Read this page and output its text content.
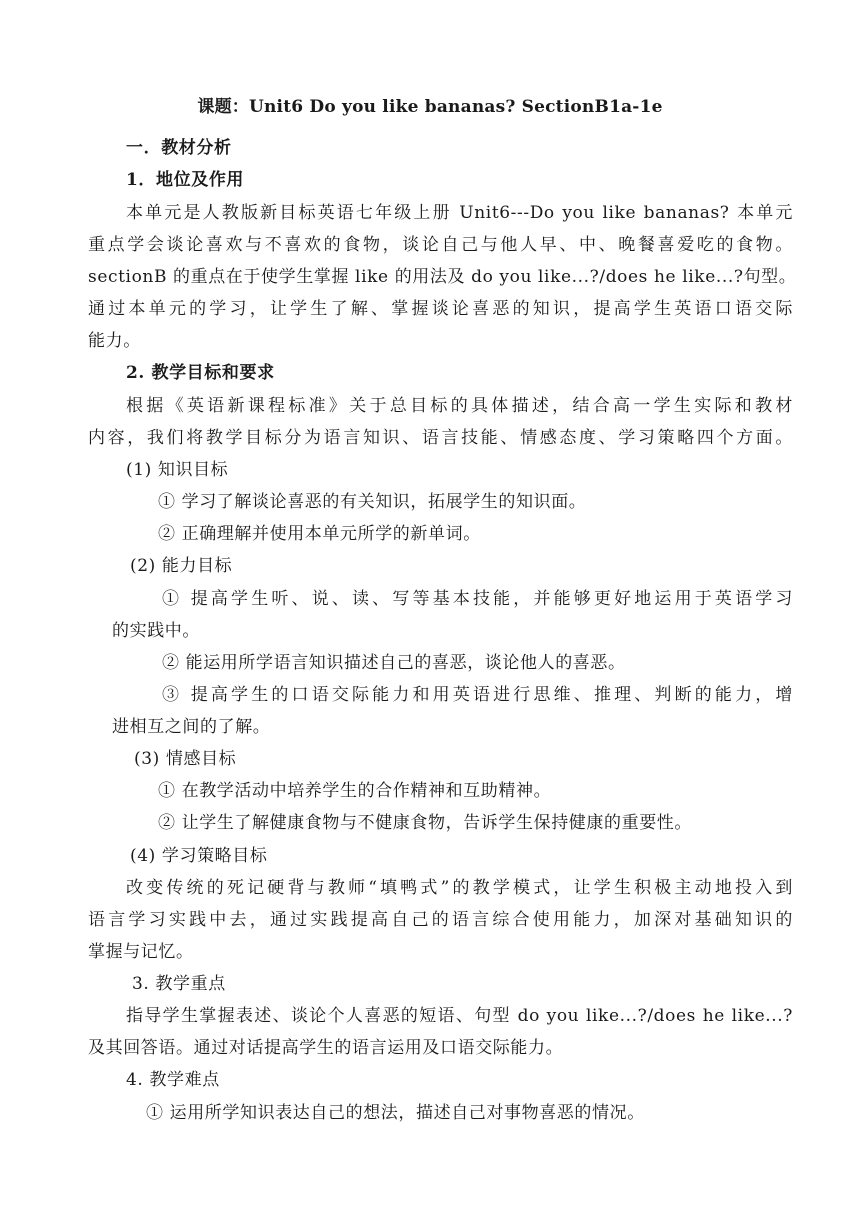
课题：Unit6 Do you like bananas? SectionB1a-1e
一．教材分析
1．地位及作用
本单元是人教版新目标英语七年级上册 Unit6---Do you like bananas? 本单元
重点学会谈论喜欢与不喜欢的食物，谈论自己与他人早、中、晚餐喜爱吃的食物。
sectionB 的重点在于使学生掌握 like 的用法及 do you like...?/does he like...?句型。
通过本单元的学习，让学生了解、掌握谈论喜恶的知识，提高学生英语口语交际
能力。
2. 教学目标和要求
根据《英语新课程标准》关于总目标的具体描述，结合高一学生实际和教材
内容，我们将教学目标分为语言知识、语言技能、情感态度、学习策略四个方面。
(1) 知识目标
① 学习了解谈论喜恶的有关知识，拓展学生的知识面。
② 正确理解并使用本单元所学的新单词。
(2) 能力目标
① 提高学生听、说、读、写等基本技能，并能够更好地运用于英语学习
的实践中。
② 能运用所学语言知识描述自己的喜恶，谈论他人的喜恶。
③ 提高学生的口语交际能力和用英语进行思维、推理、判断的能力，增
进相互之间的了解。
(3) 情感目标
① 在教学活动中培养学生的合作精神和互助精神。
② 让学生了解健康食物与不健康食物，告诉学生保持健康的重要性。
(4) 学习策略目标
改变传统的死记硬背与教师“填鸭式”的教学模式，让学生积极主动地投入到
语言学习实践中去，通过实践提高自己的语言综合使用能力，加深对基础知识的
掌握与记忆。
3. 教学重点
指导学生掌握表述、谈论个人喜恶的短语、句型 do you like...?/does he like...?
及其回答语。通过对话提高学生的语言运用及口语交际能力。
4. 教学难点
① 运用所学知识表达自己的想法，描述自己对事物喜恶的情况。
